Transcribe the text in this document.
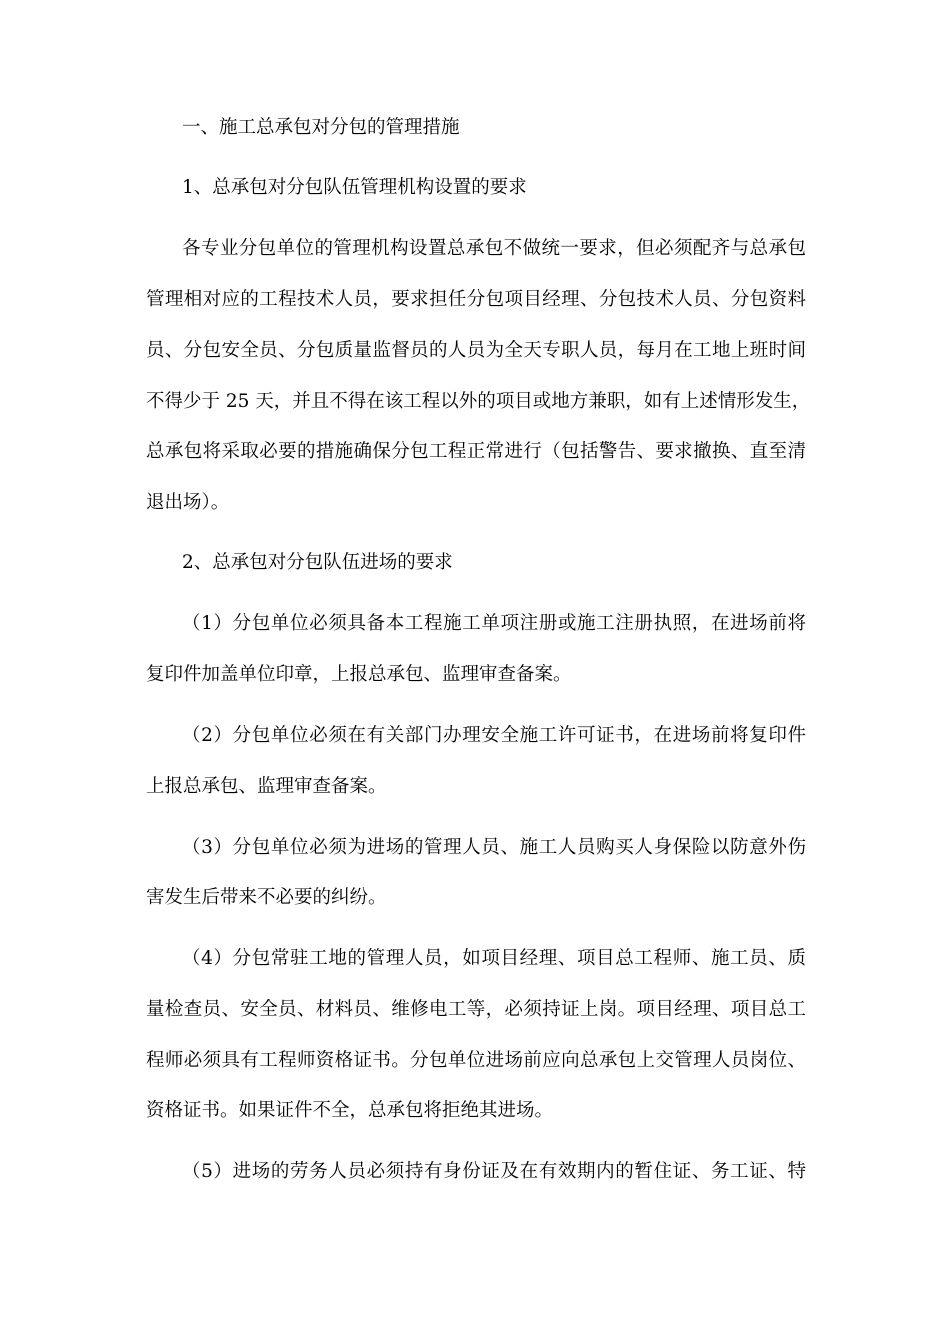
一、施工总承包对分包的管理措施
1、总承包对分包队伍管理机构设置的要求
各专业分包单位的管理机构设置总承包不做统一要求，但必须配齐与总承包
管理相对应的工程技术人员，要求担任分包项目经理、分包技术人员、分包资料
员、分包安全员、分包质量监督员的人员为全天专职人员，每月在工地上班时间
不得少于 25 天，并且不得在该工程以外的项目或地方兼职，如有上述情形发生，
总承包将采取必要的措施确保分包工程正常进行（包括警告、要求撤换、直至清
退出场）。
2、总承包对分包队伍进场的要求
（1）分包单位必须具备本工程施工单项注册或施工注册执照，在进场前将
复印件加盖单位印章，上报总承包、监理审查备案。
（2）分包单位必须在有关部门办理安全施工许可证书，在进场前将复印件
上报总承包、监理审查备案。
（3）分包单位必须为进场的管理人员、施工人员购买人身保险以防意外伤
害发生后带来不必要的纠纷。
（4）分包常驻工地的管理人员，如项目经理、项目总工程师、施工员、质
量检查员、安全员、材料员、维修电工等，必须持证上岗。项目经理、项目总工
程师必须具有工程师资格证书。分包单位进场前应向总承包上交管理人员岗位、
资格证书。如果证件不全，总承包将拒绝其进场。
（5）进场的劳务人员必须持有身份证及在有效期内的暂住证、务工证、特
